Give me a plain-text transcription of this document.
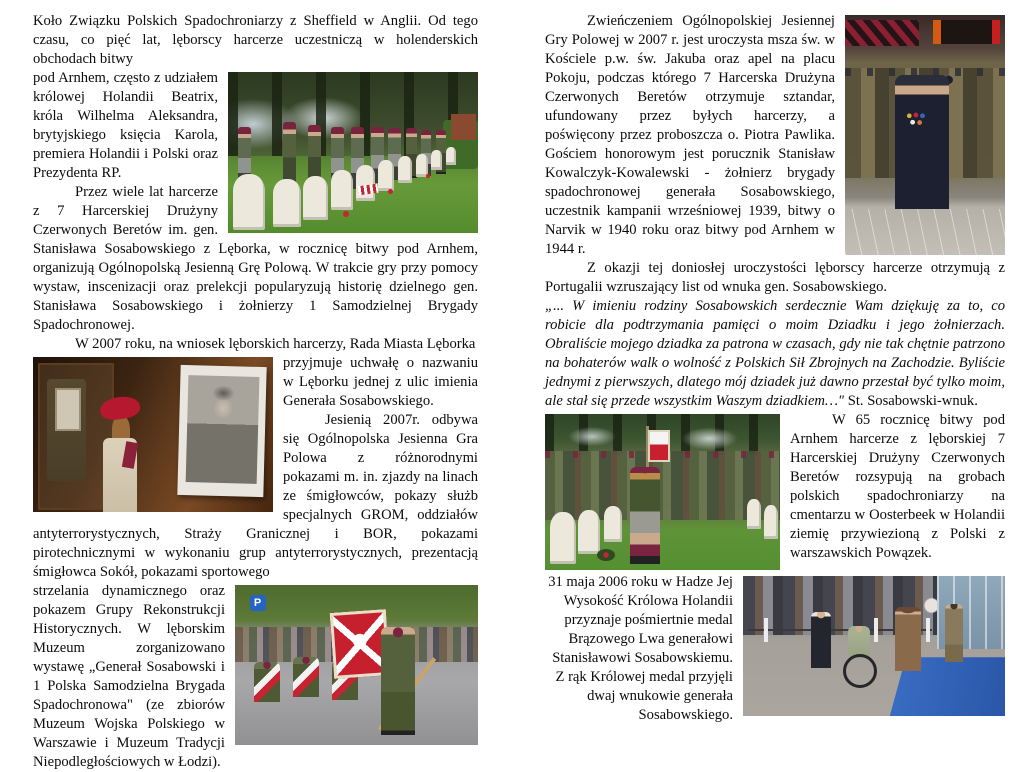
Koło Związku Polskich Spadochroniarzy z Sheffield w Anglii. Od tego czasu, co pięć lat, lęborscy harcerze uczestniczą w holenderskich obchodach bitwy

pod Arnhem, często z udziałem królowej Holandii Beatrix, króla Wilhelma Aleksandra, brytyjskiego księcia Karola, premiera Holandii i Polski oraz Prezydenta RP.

Przez wiele lat harcerze z 7 Harcerskiej Drużyny Czerwonych Beretów im. gen. Stanisława Sosabowskiego z Lęborka, w rocznicę bitwy pod Arnhem, organizują Ogólnopolską Jesienną Grę Polową. W trakcie gry przy pomocy wystaw, inscenizacji oraz prelekcji popularyzują historię dzielnego gen. Stanisława Sosabowskiego i żołnierzy 1 Samodzielnej Brygady Spadochronowej.

W 2007 roku, na wniosek lęborskich harcerzy, Rada Miasta Lęborka

przyjmuje uchwałę o nazwaniu w Lęborku jednej z ulic imienia Generała Sosabowskiego.

Jesienią 2007r. odbywa się Ogólnopolska Jesienna Gra Polowa z różnorodnymi pokazami m. in. zjazdy na linach ze śmigłowców, pokazy służb specjalnych GROM, oddziałów antyterrorystycznych, Straży Granicznej i BOR, pokazami pirotechnicznymi w wykonaniu grup antyterrorystycznych, prezentacją śmigłowca Sokół, pokazami sportowego

P

strzelania dynamicznego oraz pokazem Grupy Rekonstrukcji Historycznych. W lęborskim Muzeum zorganizowano wystawę „Generał Sosabowski i 1 Polska Samodzielna Brygada Spadochronowa" (ze zbiorów Muzeum Wojska Polskiego w Warszawie i Muzeum Tradycji Niepodległościowych w Łodzi).

Zwieńczeniem Ogólnopolskiej Jesiennej Gry Polowej w 2007 r. jest uroczysta msza św. w Kościele p.w. św. Jakuba oraz apel na placu Pokoju, podczas którego 7 Harcerska Drużyna Czerwonych Beretów otrzymuje sztandar, ufundowany przez byłych harcerzy, a poświęcony przez proboszcza o. Piotra Pawlika. Gościem honorowym jest porucznik Stanisław Kowalczyk-Kowalewski - żołnierz brygady spadochronowej generała Sosabowskiego, uczestnik kampanii wrześniowej 1939, bitwy o Narvik w 1940 roku oraz bitwy pod Arnhem w 1944 r.

Z okazji tej doniosłej uroczystości lęborscy harcerze otrzymują z Portugalii wzruszający list od wnuka gen. Sosabowskiego.

„... W imieniu rodziny Sosabowskich serdecznie Wam dziękuję za to, co robicie dla podtrzymania pamięci o moim Dziadku i jego żołnierzach. Obraliście mojego dziadka za patrona w czasach, gdy nie tak chętnie patrzono na bohaterów walk o wolność z Polskich Sił Zbrojnych na Zachodzie. Byliście jednymi z pierwszych, dlatego mój dziadek już dawno przestał być tylko moim, ale stał się przede wszystkim Waszym dziadkiem…" St. Sosabowski-wnuk.

W 65 rocznicę bitwy pod Arnhem harcerze z lęborskiej 7 Harcerskiej Drużyny Czerwonych Beretów rozsypują na grobach polskich spadochroniarzy na cmentarzu w Oosterbeek w Holandii ziemię przywiezioną z Polski z warszawskich Powązek.

31 maja 2006 roku w Hadze Jej Wysokość Królowa Holandii przyznaje pośmiertnie medal Brązowego Lwa generałowi Stanisławowi Sosabowskiemu. Z rąk Królowej medal przyjęli dwaj wnukowie generała Sosabowskiego.
